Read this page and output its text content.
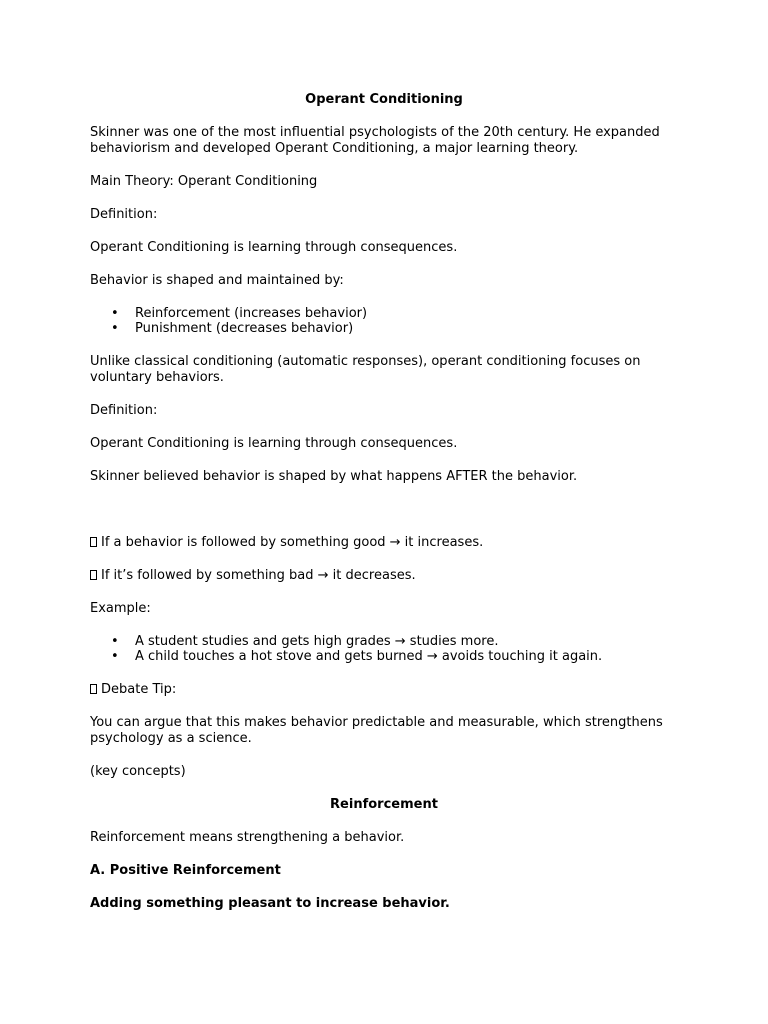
Operant Conditioning

Skinner was one of the most influential psychologists of the 20th century. He expanded behaviorism and developed Operant Conditioning, a major learning theory.

Main Theory: Operant Conditioning

Definition:

Operant Conditioning is learning through consequences.

Behavior is shaped and maintained by:

• Reinforcement (increases behavior)
• Punishment (decreases behavior)

Unlike classical conditioning (automatic responses), operant conditioning focuses on voluntary behaviors.

Definition:

Operant Conditioning is learning through consequences.

Skinner believed behavior is shaped by what happens AFTER the behavior.

If a behavior is followed by something good → it increases.

If it’s followed by something bad → it decreases.

Example:

• A student studies and gets high grades → studies more.
• A child touches a hot stove and gets burned → avoids touching it again.

Debate Tip:

You can argue that this makes behavior predictable and measurable, which strengthens psychology as a science.

(key concepts)

Reinforcement

Reinforcement means strengthening a behavior.

A. Positive Reinforcement

Adding something pleasant to increase behavior.
